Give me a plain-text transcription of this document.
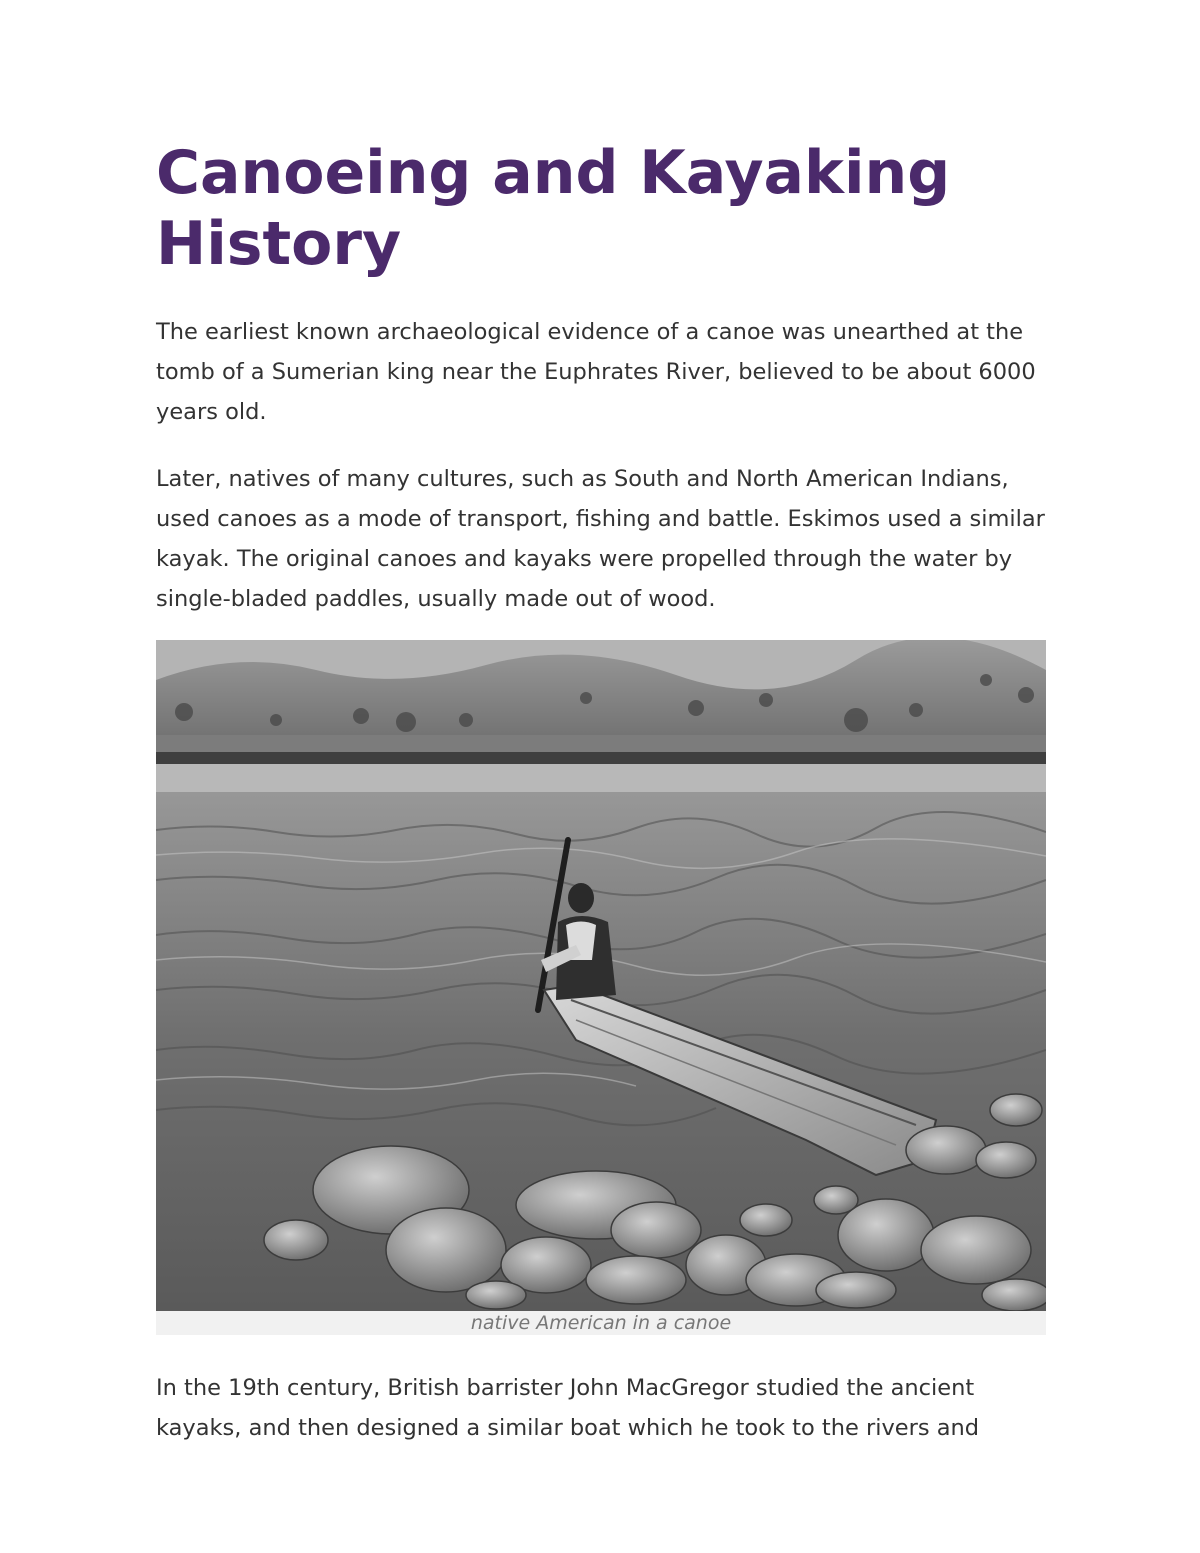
Canoeing and Kayaking History

The earliest known archaeological evidence of a canoe was unearthed at the tomb of a Sumerian king near the Euphrates River, believed to be about 6000 years old.

Later, natives of many cultures, such as South and North American Indians, used canoes as a mode of transport, fishing and battle. Eskimos used a similar kayak. The original canoes and kayaks were propelled through the water by single-bladed paddles, usually made out of wood.

native American in a canoe

In the 19th century, British barrister John MacGregor studied the ancient kayaks, and then designed a similar boat which he took to the rivers and
